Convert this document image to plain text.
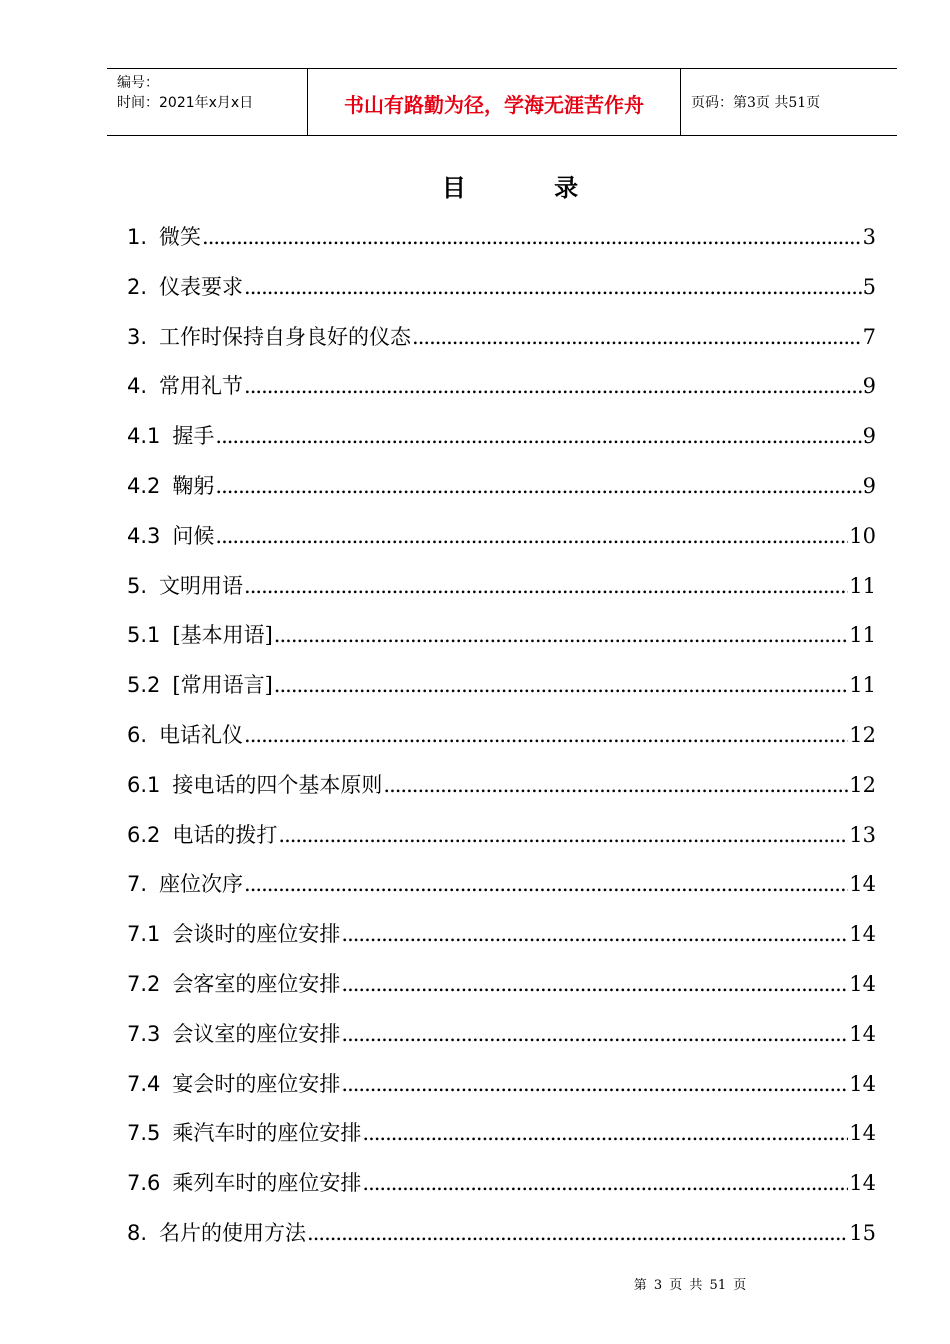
编号：
时间：2021年x月x日	书山有路勤为径，学海无涯苦作舟	页码：第3页 共51页
目 录
1. 微笑 .....	3
2. 仪表要求 .....	5
3. 工作时保持自身良好的仪态 .....	7
4. 常用礼节 .....	9
4.1 握手 .....	9
4.2 鞠躬 .....	9
4.3 问候 .....	10
5. 文明用语 .....	11
5.1 [基本用语] .....	11
5.2 [常用语言] .....	11
6. 电话礼仪 .....	12
6.1 接电话的四个基本原则 .....	12
6.2 电话的拨打 .....	13
7. 座位次序 .....	14
7.1 会谈时的座位安排 .....	14
7.2 会客室的座位安排 .....	14
7.3 会议室的座位安排 .....	14
7.4 宴会时的座位安排 .....	14
7.5 乘汽车时的座位安排 .....	14
7.6 乘列车时的座位安排 .....	14
8. 名片的使用方法 .....	15
第 3 页 共 51 页
